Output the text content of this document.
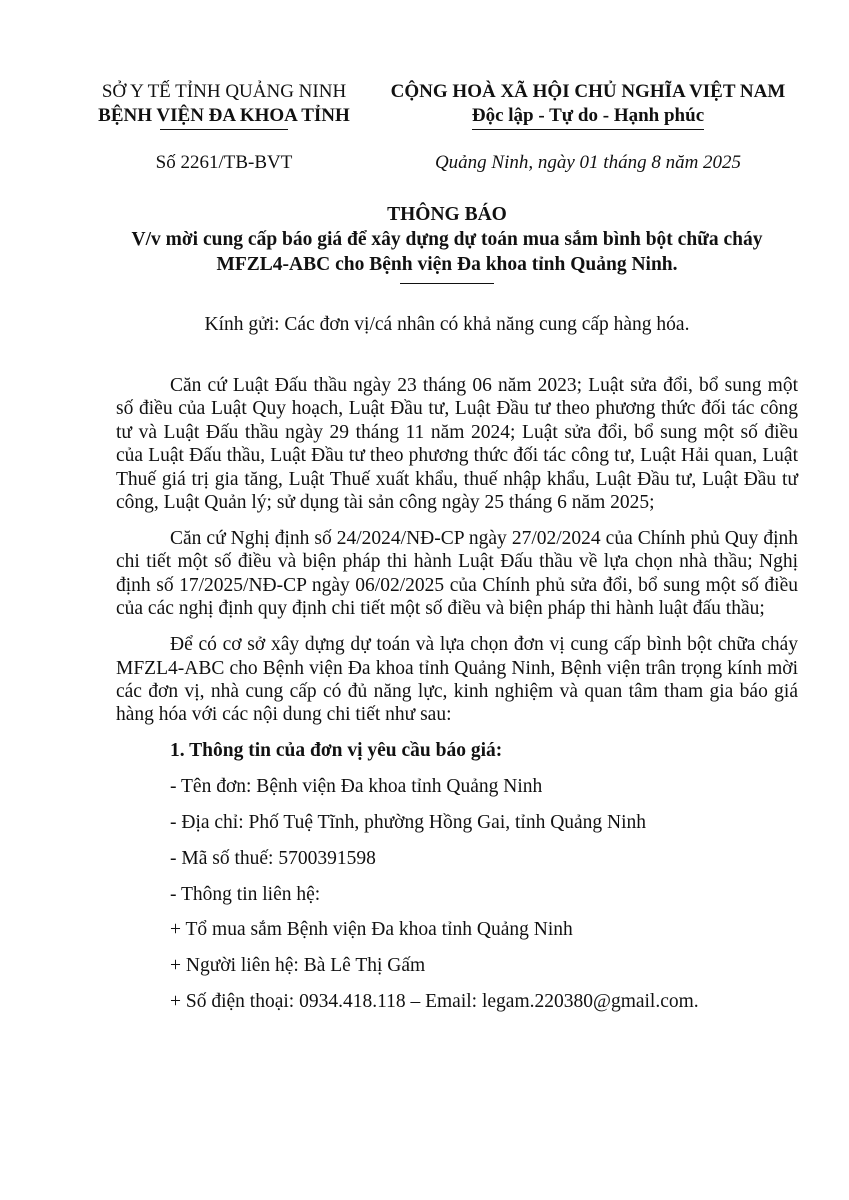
SỞ Y TẾ TỈNH QUẢNG NINH
BỆNH VIỆN ĐA KHOA TỈNH
CỘNG HOÀ XÃ HỘI CHỦ NGHĨA VIỆT NAM
Độc lập - Tự do - Hạnh phúc
Số 2261/TB-BVT	Quảng Ninh, ngày 01 tháng 8 năm 2025
THÔNG BÁO
V/v mời cung cấp báo giá để xây dựng dự toán mua sắm bình bột chữa cháy
MFZL4-ABC cho Bệnh viện Đa khoa tỉnh Quảng Ninh.
Kính gửi: Các đơn vị/cá nhân có khả năng cung cấp hàng hóa.

Căn cứ Luật Đấu thầu ngày 23 tháng 06 năm 2023; Luật sửa đổi, bổ sung một số điều của Luật Quy hoạch, Luật Đầu tư, Luật Đầu tư theo phương thức đối tác công tư và Luật Đấu thầu ngày 29 tháng 11 năm 2024; Luật sửa đổi, bổ sung một số điều của Luật Đấu thầu, Luật Đầu tư theo phương thức đối tác công tư, Luật Hải quan, Luật Thuế giá trị gia tăng, Luật Thuế xuất khẩu, thuế nhập khẩu, Luật Đầu tư, Luật Đầu tư công, Luật Quản lý; sử dụng tài sản công ngày 25 tháng 6 năm 2025;

Căn cứ Nghị định số 24/2024/NĐ-CP ngày 27/02/2024 của Chính phủ Quy định chi tiết một số điều và biện pháp thi hành Luật Đấu thầu về lựa chọn nhà thầu; Nghị định số 17/2025/NĐ-CP ngày 06/02/2025 của Chính phủ sửa đổi, bổ sung một số điều của các nghị định quy định chi tiết một số điều và biện pháp thi hành luật đấu thầu;

Để có cơ sở xây dựng dự toán và lựa chọn đơn vị cung cấp bình bột chữa cháy MFZL4-ABC cho Bệnh viện Đa khoa tỉnh Quảng Ninh, Bệnh viện trân trọng kính mời các đơn vị, nhà cung cấp có đủ năng lực, kinh nghiệm và quan tâm tham gia báo giá hàng hóa với các nội dung chi tiết như sau:

1. Thông tin của đơn vị yêu cầu báo giá:
- Tên đơn: Bệnh viện Đa khoa tỉnh Quảng Ninh
- Địa chỉ: Phố Tuệ Tĩnh, phường Hồng Gai, tỉnh Quảng Ninh
- Mã số thuế: 5700391598
- Thông tin liên hệ:
+ Tổ mua sắm Bệnh viện Đa khoa tỉnh Quảng Ninh
+ Người liên hệ: Bà Lê Thị Gấm
+ Số điện thoại: 0934.418.118 – Email: legam.220380@gmail.com.
